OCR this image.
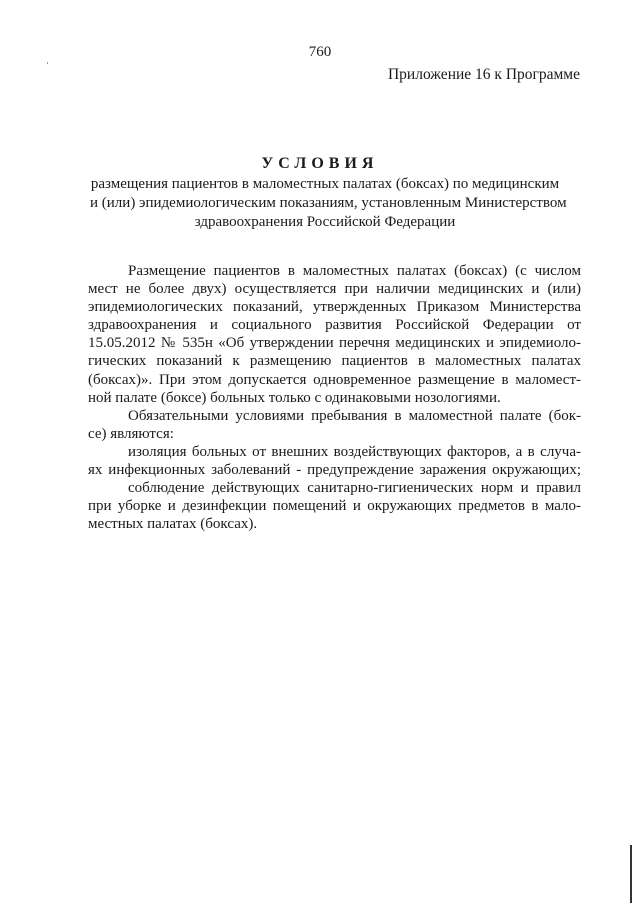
760
Приложение 16 к Программе
УСЛОВИЯ
размещения пациентов в маломестных палатах (боксах) по медицинским
и (или) эпидемиологическим показаниям, установленным Министерством
здравоохранения Российской Федерации
Размещение пациентов в маломестных палатах (боксах) (с числом
мест не более двух) осуществляется при наличии медицинских и (или)
эпидемиологических показаний, утвержденных Приказом Министерства
здравоохранения и социального развития Российской Федерации от
15.05.2012 № 535н «Об утверждении перечня медицинских и эпидемиоло-
гических показаний к размещению пациентов в маломестных палатах
(боксах)». При этом допускается одновременное размещение в маломест-
ной палате (боксе) больных только с одинаковыми нозологиями.
Обязательными условиями пребывания в маломестной палате (бок-
се) являются:
изоляция больных от внешних воздействующих факторов, а в случа-
ях инфекционных заболеваний - предупреждение заражения окружающих;
соблюдение действующих санитарно-гигиенических норм и правил
при уборке и дезинфекции помещений и окружающих предметов в мало-
местных палатах (боксах).
